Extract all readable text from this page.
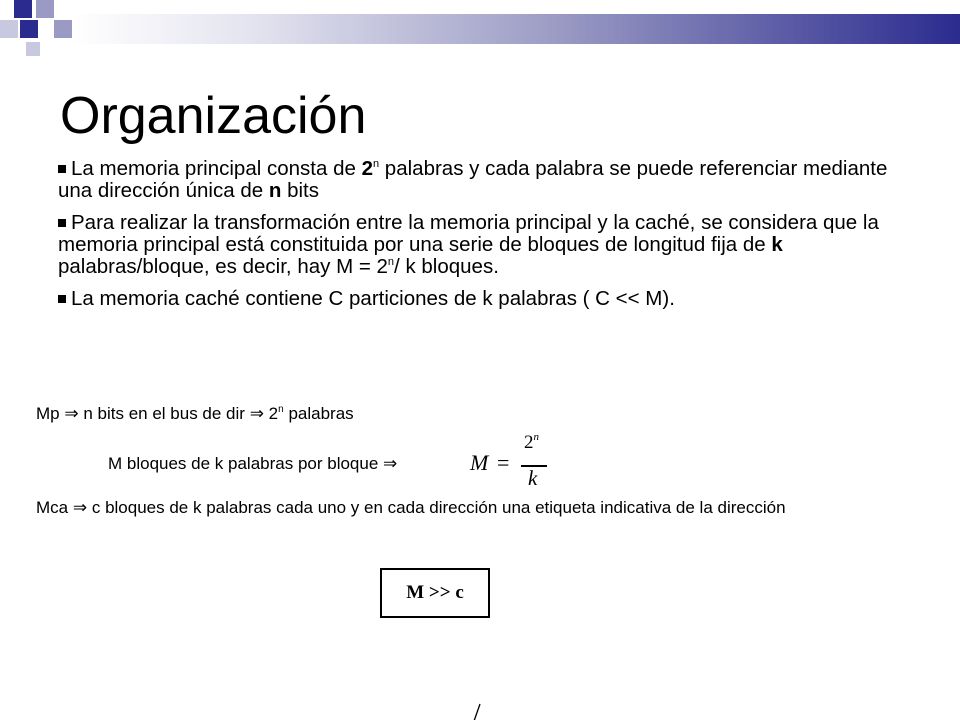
Organización
La memoria principal consta de 2$^n$ palabras y cada palabra se puede referenciar mediante una dirección única de n bits
Para realizar la transformación entre la memoria principal y la caché, se considera que la memoria principal está constituida por una serie de bloques de longitud fija de k palabras/bloque, es decir, hay $M = 2^n/$ k bloques.
La memoria caché contiene C particiones de k palabras ( C << M).
Mp ⇒ n bits en el bus de dir ⇒ 2$^n$ palabras
M bloques de k palabras por bloque ⇒	M =
$2^n$
k
Mca ⇒ c bloques de k palabras cada uno y en cada dirección una etiqueta indicativa de la dirección
M >> c
